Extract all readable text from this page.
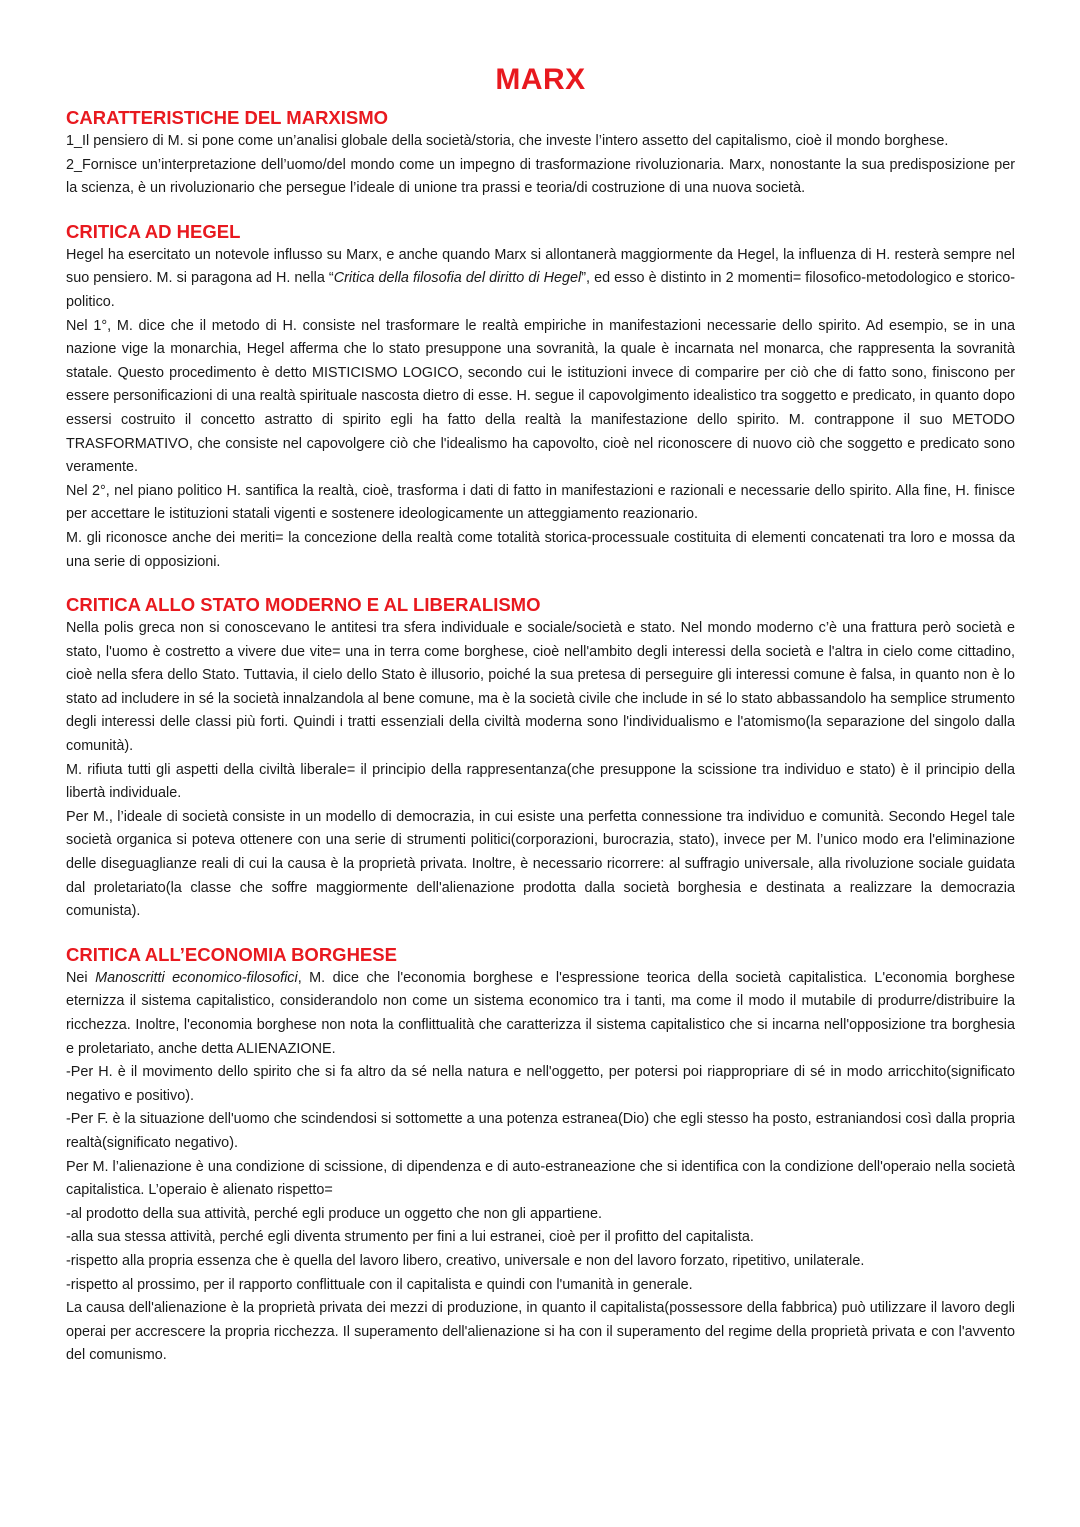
MARX
CARATTERISTICHE DEL MARXISMO

1_Il pensiero di M. si pone come un’analisi globale della società/storia, che investe l’intero assetto del capitalismo, cioè il mondo borghese.

2_Fornisce un’interpretazione dell’uomo/del mondo come un impegno di trasformazione rivoluzionaria. Marx, nonostante la sua predisposizione per la scienza, è un rivoluzionario che persegue l’ideale di unione tra prassi e teoria/di costruzione di una nuova società.

CRITICA AD HEGEL

Hegel ha esercitato un notevole influsso su Marx, e anche quando Marx si allontanerà maggiormente da Hegel, la influenza di H. resterà sempre nel suo pensiero. M. si paragona ad H. nella “Critica della filosofia del diritto di Hegel”, ed esso è distinto in 2 momenti= filosofico-metodologico e storico-politico.

Nel 1°, M. dice che il metodo di H. consiste nel trasformare le realtà empiriche in manifestazioni necessarie dello spirito. Ad esempio, se in una nazione vige la monarchia, Hegel afferma che lo stato presuppone una sovranità, la quale è incarnata nel monarca, che rappresenta la sovranità statale. Questo procedimento è detto MISTICISMO LOGICO, secondo cui le istituzioni invece di comparire per ciò che di fatto sono, finiscono per essere personificazioni di una realtà spirituale nascosta dietro di esse. H. segue il capovolgimento idealistico tra soggetto e predicato, in quanto dopo essersi costruito il concetto astratto di spirito egli ha fatto della realtà la manifestazione dello spirito. M. contrappone il suo METODO TRASFORMATIVO, che consiste nel capovolgere ciò che l'idealismo ha capovolto, cioè nel riconoscere di nuovo ciò che soggetto e predicato sono veramente.

Nel 2°, nel piano politico H. santifica la realtà, cioè, trasforma i dati di fatto in manifestazioni e razionali e necessarie dello spirito. Alla fine, H. finisce per accettare le istituzioni statali vigenti e sostenere ideologicamente un atteggiamento reazionario.

M. gli riconosce anche dei meriti= la concezione della realtà come totalità storica-processuale costituita di elementi concatenati tra loro e mossa da una serie di opposizioni.

CRITICA ALLO STATO MODERNO E AL LIBERALISMO

Nella polis greca non si conoscevano le antitesi tra sfera individuale e sociale/società e stato. Nel mondo moderno c’è una frattura però società e stato, l'uomo è costretto a vivere due vite= una in terra come borghese, cioè nell'ambito degli interessi della società e l'altra in cielo come cittadino, cioè nella sfera dello Stato. Tuttavia, il cielo dello Stato è illusorio, poiché la sua pretesa di perseguire gli interessi comune è falsa, in quanto non è lo stato ad includere in sé la società innalzandola al bene comune, ma è la società civile che include in sé lo stato abbassandolo ha semplice strumento degli interessi delle classi più forti. Quindi i tratti essenziali della civiltà moderna sono l'individualismo e l'atomismo(la separazione del singolo dalla comunità).

M. rifiuta tutti gli aspetti della civiltà liberale= il principio della rappresentanza(che presuppone la scissione tra individuo e stato) è il principio della libertà individuale.

Per M., l’ideale di società consiste in un modello di democrazia, in cui esiste una perfetta connessione tra individuo e comunità. Secondo Hegel tale società organica si poteva ottenere con una serie di strumenti politici(corporazioni, burocrazia, stato), invece per M. l’unico modo era l'eliminazione delle diseguaglianze reali di cui la causa è la proprietà privata. Inoltre, è necessario ricorrere: al suffragio universale, alla rivoluzione sociale guidata dal proletariato(la classe che soffre maggiormente dell'alienazione prodotta dalla società borghesia e destinata a realizzare la democrazia comunista).

CRITICA ALL’ECONOMIA BORGHESE

Nei Manoscritti economico-filosofici, M. dice che l'economia borghese e l'espressione teorica della società capitalistica. L'economia borghese eternizza il sistema capitalistico, considerandolo non come un sistema economico tra i tanti, ma come il modo il mutabile di produrre/distribuire la ricchezza. Inoltre, l'economia borghese non nota la conflittualità che caratterizza il sistema capitalistico che si incarna nell'opposizione tra borghesia e proletariato, anche detta ALIENAZIONE.

-Per H. è il movimento dello spirito che si fa altro da sé nella natura e nell'oggetto, per potersi poi riappropriare di sé in modo arricchito(significato negativo e positivo).

-Per F. è la situazione dell'uomo che scindendosi si sottomette a una potenza estranea(Dio) che egli stesso ha posto, estraniandosi così dalla propria realtà(significato negativo).

Per M. l’alienazione è una condizione di scissione, di dipendenza e di auto-estraneazione che si identifica con la condizione dell'operaio nella società capitalistica. L’operaio è alienato rispetto=

-al prodotto della sua attività, perché egli produce un oggetto che non gli appartiene.

-alla sua stessa attività, perché egli diventa strumento per fini a lui estranei, cioè per il profitto del capitalista.

-rispetto alla propria essenza che è quella del lavoro libero, creativo, universale e non del lavoro forzato, ripetitivo, unilaterale.

-rispetto al prossimo, per il rapporto conflittuale con il capitalista e quindi con l'umanità in generale.

La causa dell'alienazione è la proprietà privata dei mezzi di produzione, in quanto il capitalista(possessore della fabbrica) può utilizzare il lavoro degli operai per accrescere la propria ricchezza. Il superamento dell'alienazione si ha con il superamento del regime della proprietà privata e con l'avvento del comunismo.
